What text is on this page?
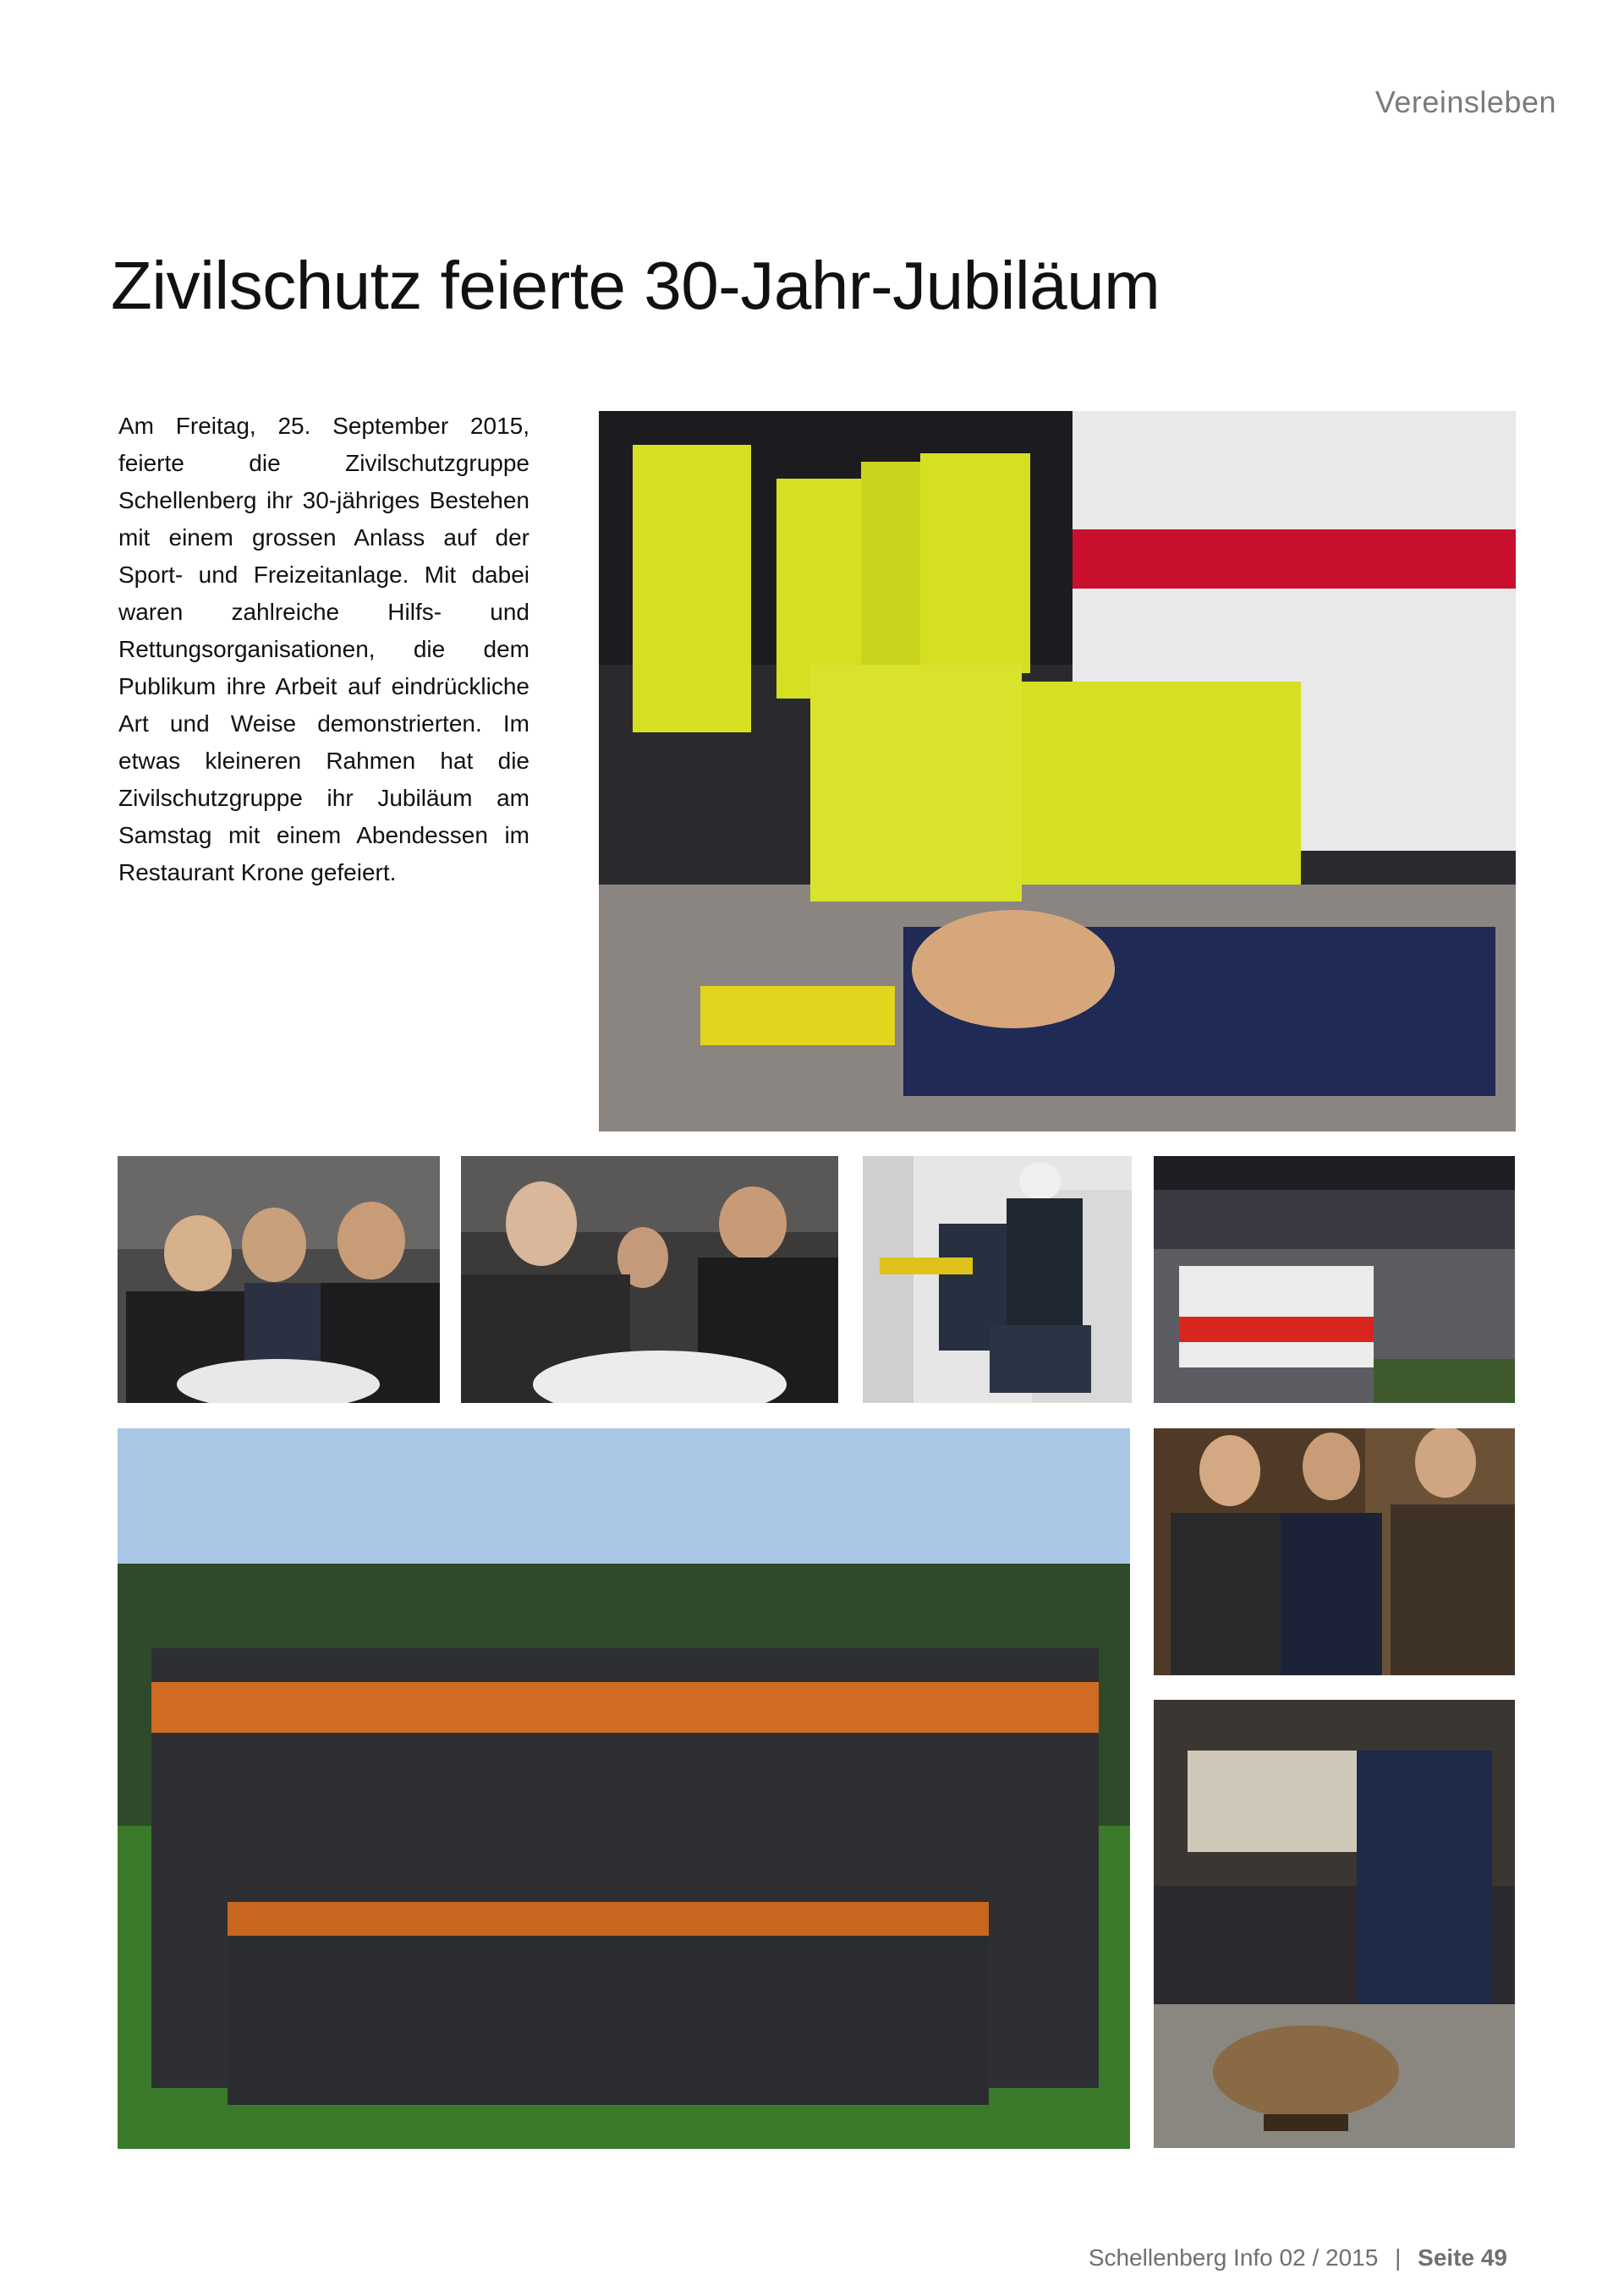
Vereinsleben
Zivilschutz feierte 30-Jahr-Jubiläum

Am Freitag, 25. September 2015, feierte die Zivilschutzgruppe Schellenberg ihr 30-jähriges Bestehen mit einem grossen Anlass auf der Sport- und Freizeitanlage. Mit dabei waren zahlreiche Hilfs- und Rettungsorganisationen, die dem Publikum ihre Arbeit auf eindrückliche Art und Weise demonstrierten. Im etwas kleineren Rahmen hat die Zivilschutzgruppe ihr Jubiläum am Samstag mit einem Abendessen im Restaurant Krone gefeiert.

Schellenberg Info 02 / 2015 | Seite 49
